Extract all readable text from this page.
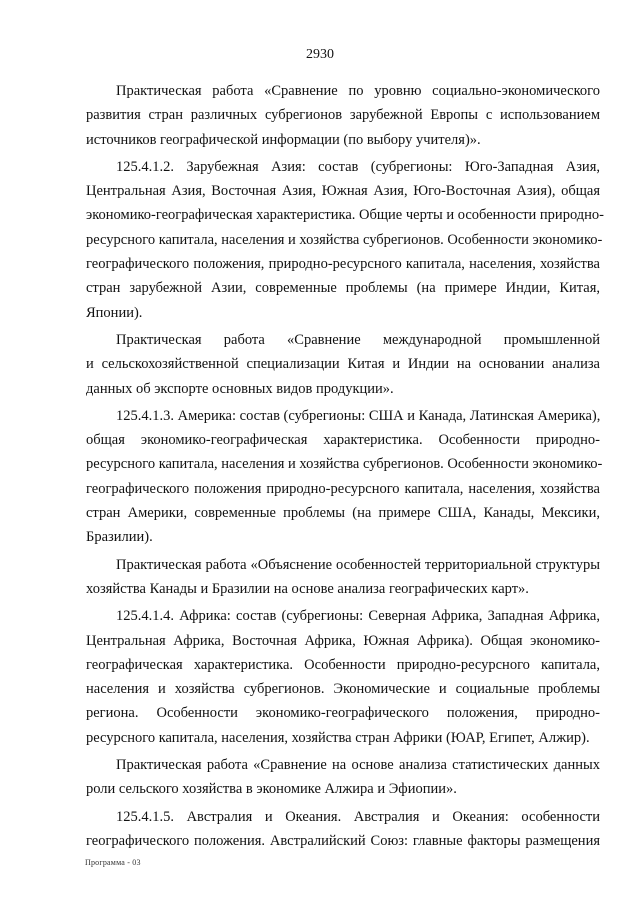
2930

Практическая работа «Сравнение по уровню социально-экономического
развития стран различных субрегионов зарубежной Европы с использованием
источников географической информации (по выбору учителя)».

125.4.1.2. Зарубежная Азия: состав (субрегионы: Юго-Западная Азия,
Центральная Азия, Восточная Азия, Южная Азия, Юго-Восточная Азия), общая
экономико-географическая характеристика. Общие черты и особенности природно-
ресурсного капитала, населения и хозяйства субрегионов. Особенности экономико-
географического положения, природно-ресурсного капитала, населения, хозяйства
стран зарубежной Азии, современные проблемы (на примере Индии, Китая,
Японии).

Практическая работа «Сравнение международной промышленной
и сельскохозяйственной специализации Китая и Индии на основании анализа
данных об экспорте основных видов продукции».

125.4.1.3. Америка: состав (субрегионы: США и Канада, Латинская Америка),
общая экономико-географическая характеристика. Особенности природно-
ресурсного капитала, населения и хозяйства субрегионов. Особенности экономико-
географического положения природно-ресурсного капитала, населения, хозяйства
стран Америки, современные проблемы (на примере США, Канады, Мексики,
Бразилии).

Практическая работа «Объяснение особенностей территориальной структуры
хозяйства Канады и Бразилии на основе анализа географических карт».

125.4.1.4. Африка: состав (субрегионы: Северная Африка, Западная Африка,
Центральная Африка, Восточная Африка, Южная Африка). Общая экономико-
географическая характеристика. Особенности природно-ресурсного капитала,
населения и хозяйства субрегионов. Экономические и социальные проблемы
региона. Особенности экономико-географического положения, природно-
ресурсного капитала, населения, хозяйства стран Африки (ЮАР, Египет, Алжир).

Практическая работа «Сравнение на основе анализа статистических данных
роли сельского хозяйства в экономике Алжира и Эфиопии».

125.4.1.5. Австралия и Океания. Австралия и Океания: особенности
географического положения. Австралийский Союз: главные факторы размещения

Программа - 03
